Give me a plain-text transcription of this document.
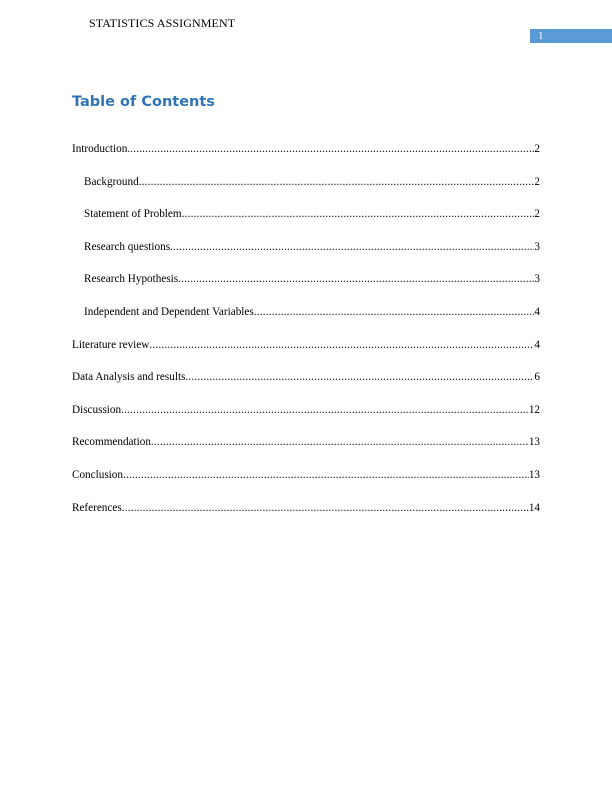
STATISTICS ASSIGNMENT
1
Table of Contents
Introduction .....	2
Background .....	2
Statement of Problem .....	2
Research questions .....	3
Research Hypothesis .....	3
Independent and Dependent Variables .....	4
Literature review .....	4
Data Analysis and results .....	6
Discussion .....	12
Recommendation .....	13
Conclusion .....	13
References .....	14
